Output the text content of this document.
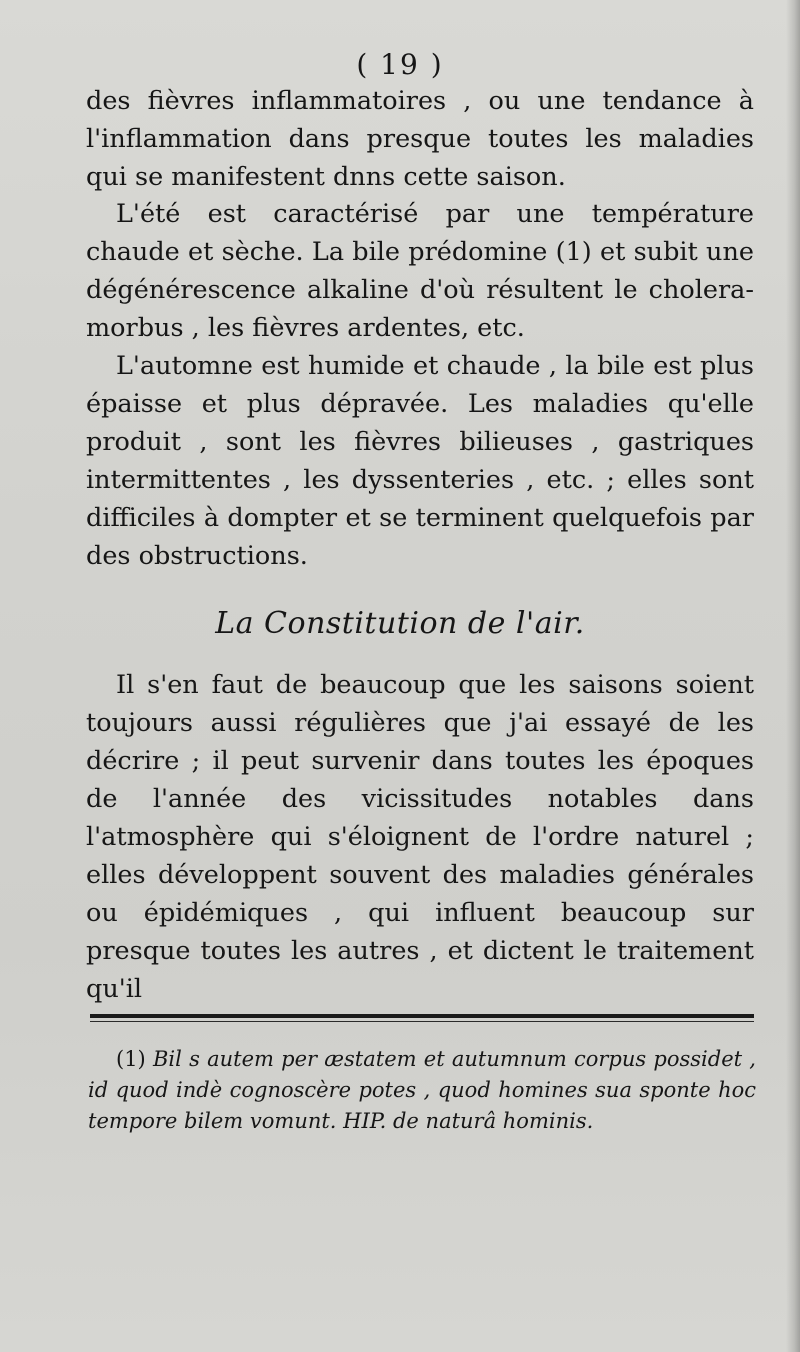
( 19 )

des fièvres inflammatoires , ou une tendance à l'inflammation dans presque toutes les maladies qui se manifestent dnns cette saison.

L'été est caractérisé par une température chaude et sèche. La bile prédomine (1) et subit une dégénérescence alkaline d'où résultent le cholera-morbus , les fièvres ardentes, etc.

L'automne est humide et chaude , la bile est plus épaisse et plus dépravée. Les maladies qu'elle produit , sont les fièvres bilieuses , gastriques intermittentes , les dyssenteries , etc. ; elles sont difficiles à dompter et se terminent quelquefois par des obstructions.

La Constitution de l'air.

Il s'en faut de beaucoup que les saisons soient toujours aussi régulières que j'ai essayé de les décrire ; il peut survenir dans toutes les époques de l'année des vicissitudes notables dans l'atmosphère qui s'éloignent de l'ordre naturel ; elles développent souvent des maladies générales ou épidémiques , qui influent beaucoup sur presque toutes les autres , et dictent le traitement qu'il

(1) Bil s autem per æstatem et autumnum corpus possidet , id quod indè cognoscère potes , quod homines sua sponte hoc tempore bilem vomunt. HIP. de naturâ hominis.
